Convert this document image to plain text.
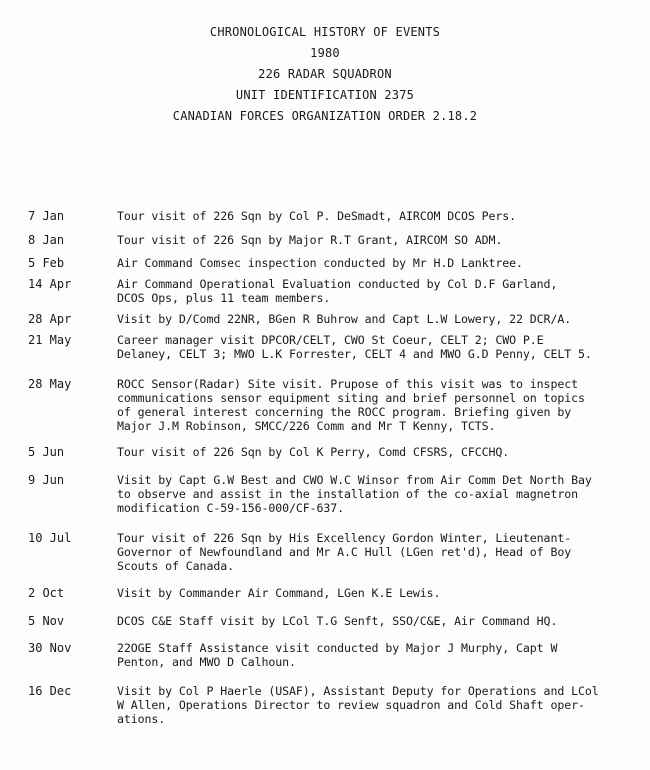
CHRONOLOGICAL HISTORY OF EVENTS
1980
226 RADAR SQUADRON
UNIT IDENTIFICATION 2375
CANADIAN FORCES ORGANIZATION ORDER 2.18.2
7 Jan	Tour visit of 226 Sqn by Col P. DeSmadt, AIRCOM DCOS Pers.
8 Jan	Tour visit of 226 Sqn by Major R.T Grant, AIRCOM SO ADM.
5 Feb	Air Command Comsec inspection conducted by Mr H.D Lanktree.
14 Apr	Air Command Operational Evaluation conducted by Col D.F Garland,
DCOS Ops, plus 11 team members.
28 Apr	Visit by D/Comd 22NR, BGen R Buhrow and Capt L.W Lowery, 22 DCR/A.
21 May	Career manager visit DPCOR/CELT, CWO St Coeur, CELT 2; CWO P.E
Delaney, CELT 3; MWO L.K Forrester, CELT 4 and MWO G.D Penny, CELT 5.
28 May	ROCC Sensor(Radar) Site visit. Prupose of this visit was to inspect
communications sensor equipment siting and brief personnel on topics
of general interest concerning the ROCC program. Briefing given by
Major J.M Robinson, SMCC/226 Comm and Mr T Kenny, TCTS.
5 Jun	Tour visit of 226 Sqn by Col K Perry, Comd CFSRS, CFCCHQ.
9 Jun	Visit by Capt G.W Best and CWO W.C Winsor from Air Comm Det North Bay
to observe and assist in the installation of the co-axial magnetron
modification C-59-156-000/CF-637.
10 Jul	Tour visit of 226 Sqn by His Excellency Gordon Winter, Lieutenant-
Governor of Newfoundland and Mr A.C Hull (LGen ret'd), Head of Boy
Scouts of Canada.
2 Oct	Visit by Commander Air Command, LGen K.E Lewis.
5 Nov	DCOS C&E Staff visit by LCol T.G Senft, SSO/C&E, Air Command HQ.
30 Nov	22OGE Staff Assistance visit conducted by Major J Murphy, Capt W
Penton, and MWO D Calhoun.
16 Dec	Visit by Col P Haerle (USAF), Assistant Deputy for Operations and LCol
W Allen, Operations Director to review squadron and Cold Shaft oper-
ations.
